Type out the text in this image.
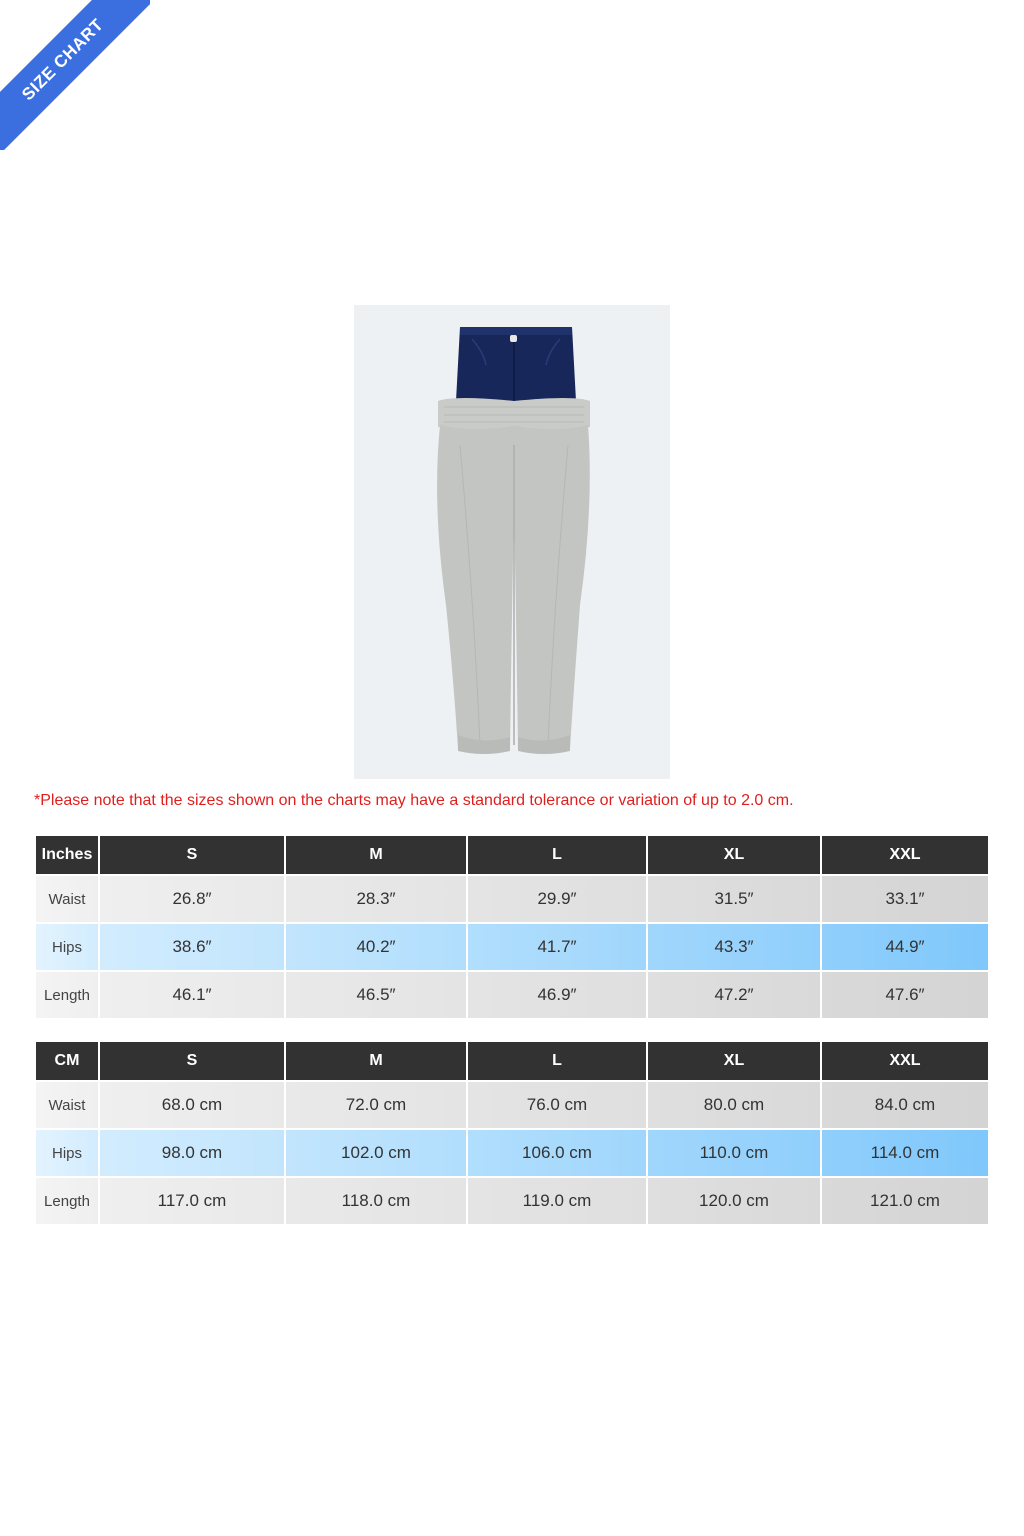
SIZE CHART
*Please note that the sizes shown on the charts may have a standard tolerance or variation of up to 2.0 cm.
Inches	S	M	L	XL	XXL
Waist	26.8″	28.3″	29.9″	31.5″	33.1″
Hips	38.6″	40.2″	41.7″	43.3″	44.9″
Length	46.1″	46.5″	46.9″	47.2″	47.6″
CM	S	M	L	XL	XXL
Waist	68.0 cm	72.0 cm	76.0 cm	80.0 cm	84.0 cm
Hips	98.0 cm	102.0 cm	106.0 cm	110.0 cm	114.0 cm
Length	117.0 cm	118.0 cm	119.0 cm	120.0 cm	121.0 cm
